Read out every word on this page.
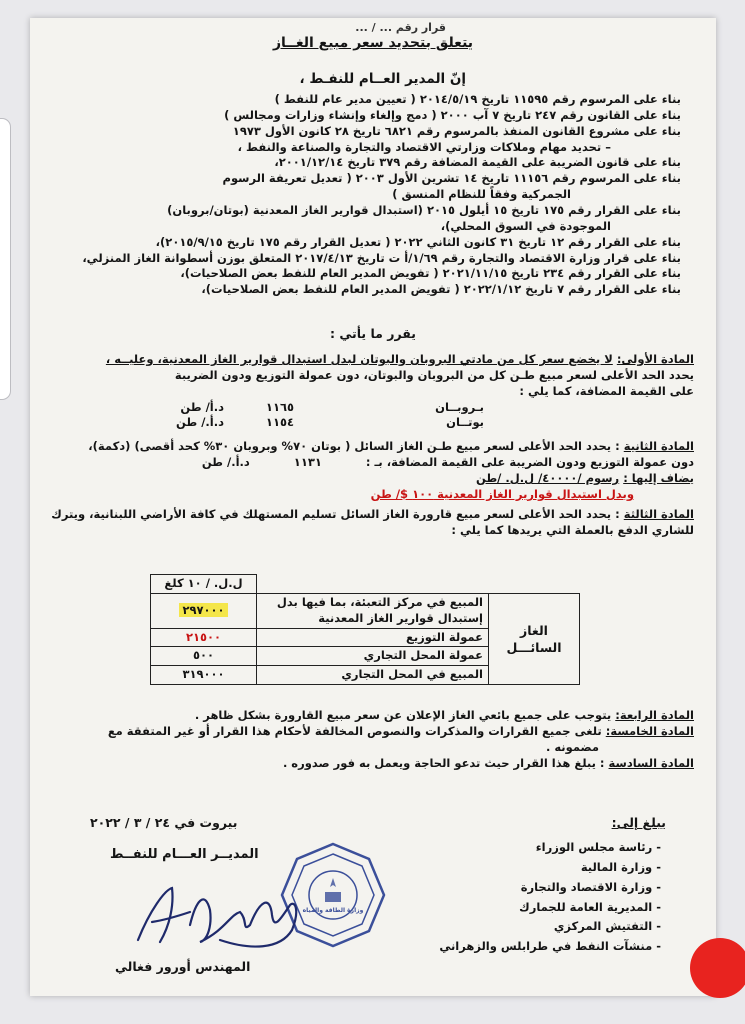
قرار رقم ... / ...
يتعلق بتحديد سعر مبيع الغــاز
إنّ المدير العــام للنفـط ،
بناء على المرسوم رقم ١١٥٩٥ تاريخ ٢٠١٤/٥/١٩ ( تعيين مدير عام للنفط )
بناء على القانون رقم ٢٤٧ تاريخ ٧ آب ٢٠٠٠ ( دمج وإلغاء وإنشاء وزارات ومجالس )
بناء على مشروع القانون المنفذ بالمرسوم رقم ٦٨٢١ تاريخ ٢٨ كانون الأول ١٩٧٣
– تحديد مهام وملاكات وزارتي الاقتصاد والتجارة والصناعة والنفط ،
بناء على قانون الضريبة على القيمة المضافة رقم ٣٧٩ تاريخ ٢٠٠١/١٢/١٤،
بناء على المرسوم رقم ١١١٥٦ تاريخ ١٤ تشرين الأول ٢٠٠٣ ( تعديل تعريفة الرسوم
الجمركية وفقاً للنظام المنسق )
بناء على القرار رقم ١٧٥ تاريخ ١٥ أيلول ٢٠١٥ (استبدال قوارير الغاز المعدنية (بوتان/بروبان)
الموجودة في السوق المحلي)،
بناء على القرار رقم ١٢ تاريخ ٣١ كانون الثاني ٢٠٢٢ ( تعديل القرار رقم ١٧٥ تاريخ ٢٠١٥/٩/١٥)،
بناء على قرار وزارة الاقتصاد والتجارة رقم ١/٦٩/أ ت تاريخ ٢٠١٧/٤/١٣ المتعلق بوزن أسطوانة الغاز المنزلي،
بناء على القرار رقم ٢٣٤ تاريخ ٢٠٢١/١١/١٥ ( تفويض المدير العام للنفط بعض الصلاحيات)،
بناء على القرار رقم ٧ تاريخ ٢٠٢٢/١/١٢ ( تفويض المدير العام للنفط بعض الصلاحيات)،
يقرر ما يأتي :

المادة الأولى: لا يخضع سعر كل من مادتي البروبان والبوتان لبدل استبدال قوارير الغاز المعدنية، وعليــه ،

يحدد الحد الأعلى لسعر مبيع طـن كل من البروبان والبوتان، دون عمولة التوزيع ودون الضريبة

على القيمة المضافة، كما يلي :

بـروبــان
١١٦٥
د.أ/ طن
بوتــان
١١٥٤
د.أ./ طن

المادة الثانية : يحدد الحد الأعلى لسعر مبيع طـن الغاز السائل ( بوتان ٧٠% وبروبان ٣٠% كحد أقصى) (دكمة)،

دون عمولة التوزيع ودون الضريبة على القيمة المضافة، بـ : ١١٣١ د.أ./ طن

يضاف إليها : رسوم /٤٠٠٠٠/ ل.ل. /طن

وبدل استبدال قوارير الغاز المعدنية ١٠٠ $/ طن

المادة الثالثة : يحدد الحد الأعلى لسعر مبيع قارورة الغاز السائل تسليم المستهلك في كافة الأراضي اللبنانية، ويترك

للشاري الدفع بالعملة التي يريدها كما يلي :

		ل.ل. / ١٠ كلغ
الغاز السائـــل	المبيع في مركز التعبئة، بما فيها بدل إستبدال قوارير الغاز المعدنية	٢٩٧٠٠٠
	عمولة التوزيع	٢١٥٠٠
	عمولة المحل التجاري	٥٠٠
	المبيع في المحل التجاري	٣١٩٠٠٠

المادة الرابعة: يتوجب على جميع بائعي الغاز الإعلان عن سعر مبيع القارورة بشكل ظاهر .

المادة الخامسة: تلغى جميع القرارات والمذكرات والنصوص المخالفة لأحكام هذا القرار أو غير المتفقة مع

مضمونه .

المادة السادسة : يبلغ هذا القرار حيث تدعو الحاجة ويعمل به فور صدوره .

بيروت في ٢٤ / ٣ / ٢٠٢٢	يبلغ إلى:
- رئاسة مجلس الوزراء
- وزارة المالية
- وزارة الاقتصاد والتجارة
- المديرية العامة للجمارك
- التفتيش المركزي
- منشآت النفط في طرابلس والزهراني
المديــر العـــام للنفــط
وزارة الطاقة والمياه
المهندس أورور فغالي
